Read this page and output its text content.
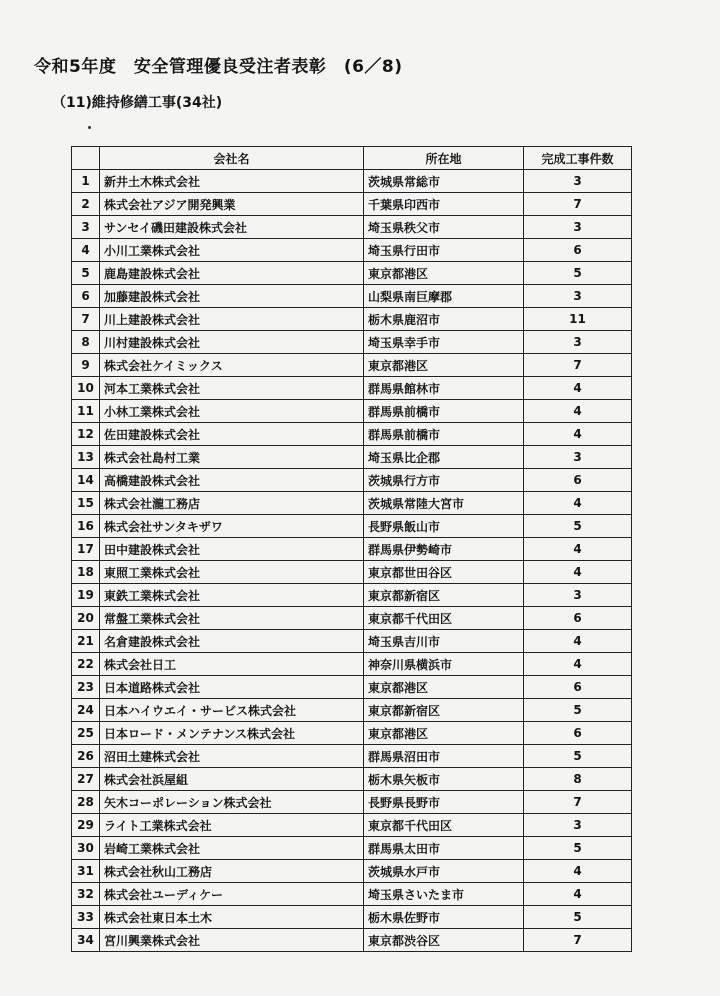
令和5年度　安全管理優良受注者表彰　(6／8)
（11)維持修繕工事(34社)
	会社名	所在地	完成工事件数
1	新井土木株式会社	茨城県常総市	3
2	株式会社アジア開発興業	千葉県印西市	7
3	サンセイ磯田建設株式会社	埼玉県秩父市	3
4	小川工業株式会社	埼玉県行田市	6
5	鹿島建設株式会社	東京都港区	5
6	加藤建設株式会社	山梨県南巨摩郡	3
7	川上建設株式会社	栃木県鹿沼市	11
8	川村建設株式会社	埼玉県幸手市	3
9	株式会社ケイミックス	東京都港区	7
10	河本工業株式会社	群馬県館林市	4
11	小林工業株式会社	群馬県前橋市	4
12	佐田建設株式会社	群馬県前橋市	4
13	株式会社島村工業	埼玉県比企郡	3
14	高橋建設株式会社	茨城県行方市	6
15	株式会社瀧工務店	茨城県常陸大宮市	4
16	株式会社サンタキザワ	長野県飯山市	5
17	田中建設株式会社	群馬県伊勢崎市	4
18	東照工業株式会社	東京都世田谷区	4
19	東鉄工業株式会社	東京都新宿区	3
20	常盤工業株式会社	東京都千代田区	6
21	名倉建設株式会社	埼玉県吉川市	4
22	株式会社日工	神奈川県横浜市	4
23	日本道路株式会社	東京都港区	6
24	日本ハイウエイ・サービス株式会社	東京都新宿区	5
25	日本ロード・メンテナンス株式会社	東京都港区	6
26	沼田土建株式会社	群馬県沼田市	5
27	株式会社浜屋組	栃木県矢板市	8
28	矢木コーポレーション株式会社	長野県長野市	7
29	ライト工業株式会社	東京都千代田区	3
30	岩崎工業株式会社	群馬県太田市	5
31	株式会社秋山工務店	茨城県水戸市	4
32	株式会社ユーディケー	埼玉県さいたま市	4
33	株式会社東日本土木	栃木県佐野市	5
34	宮川興業株式会社	東京都渋谷区	7
